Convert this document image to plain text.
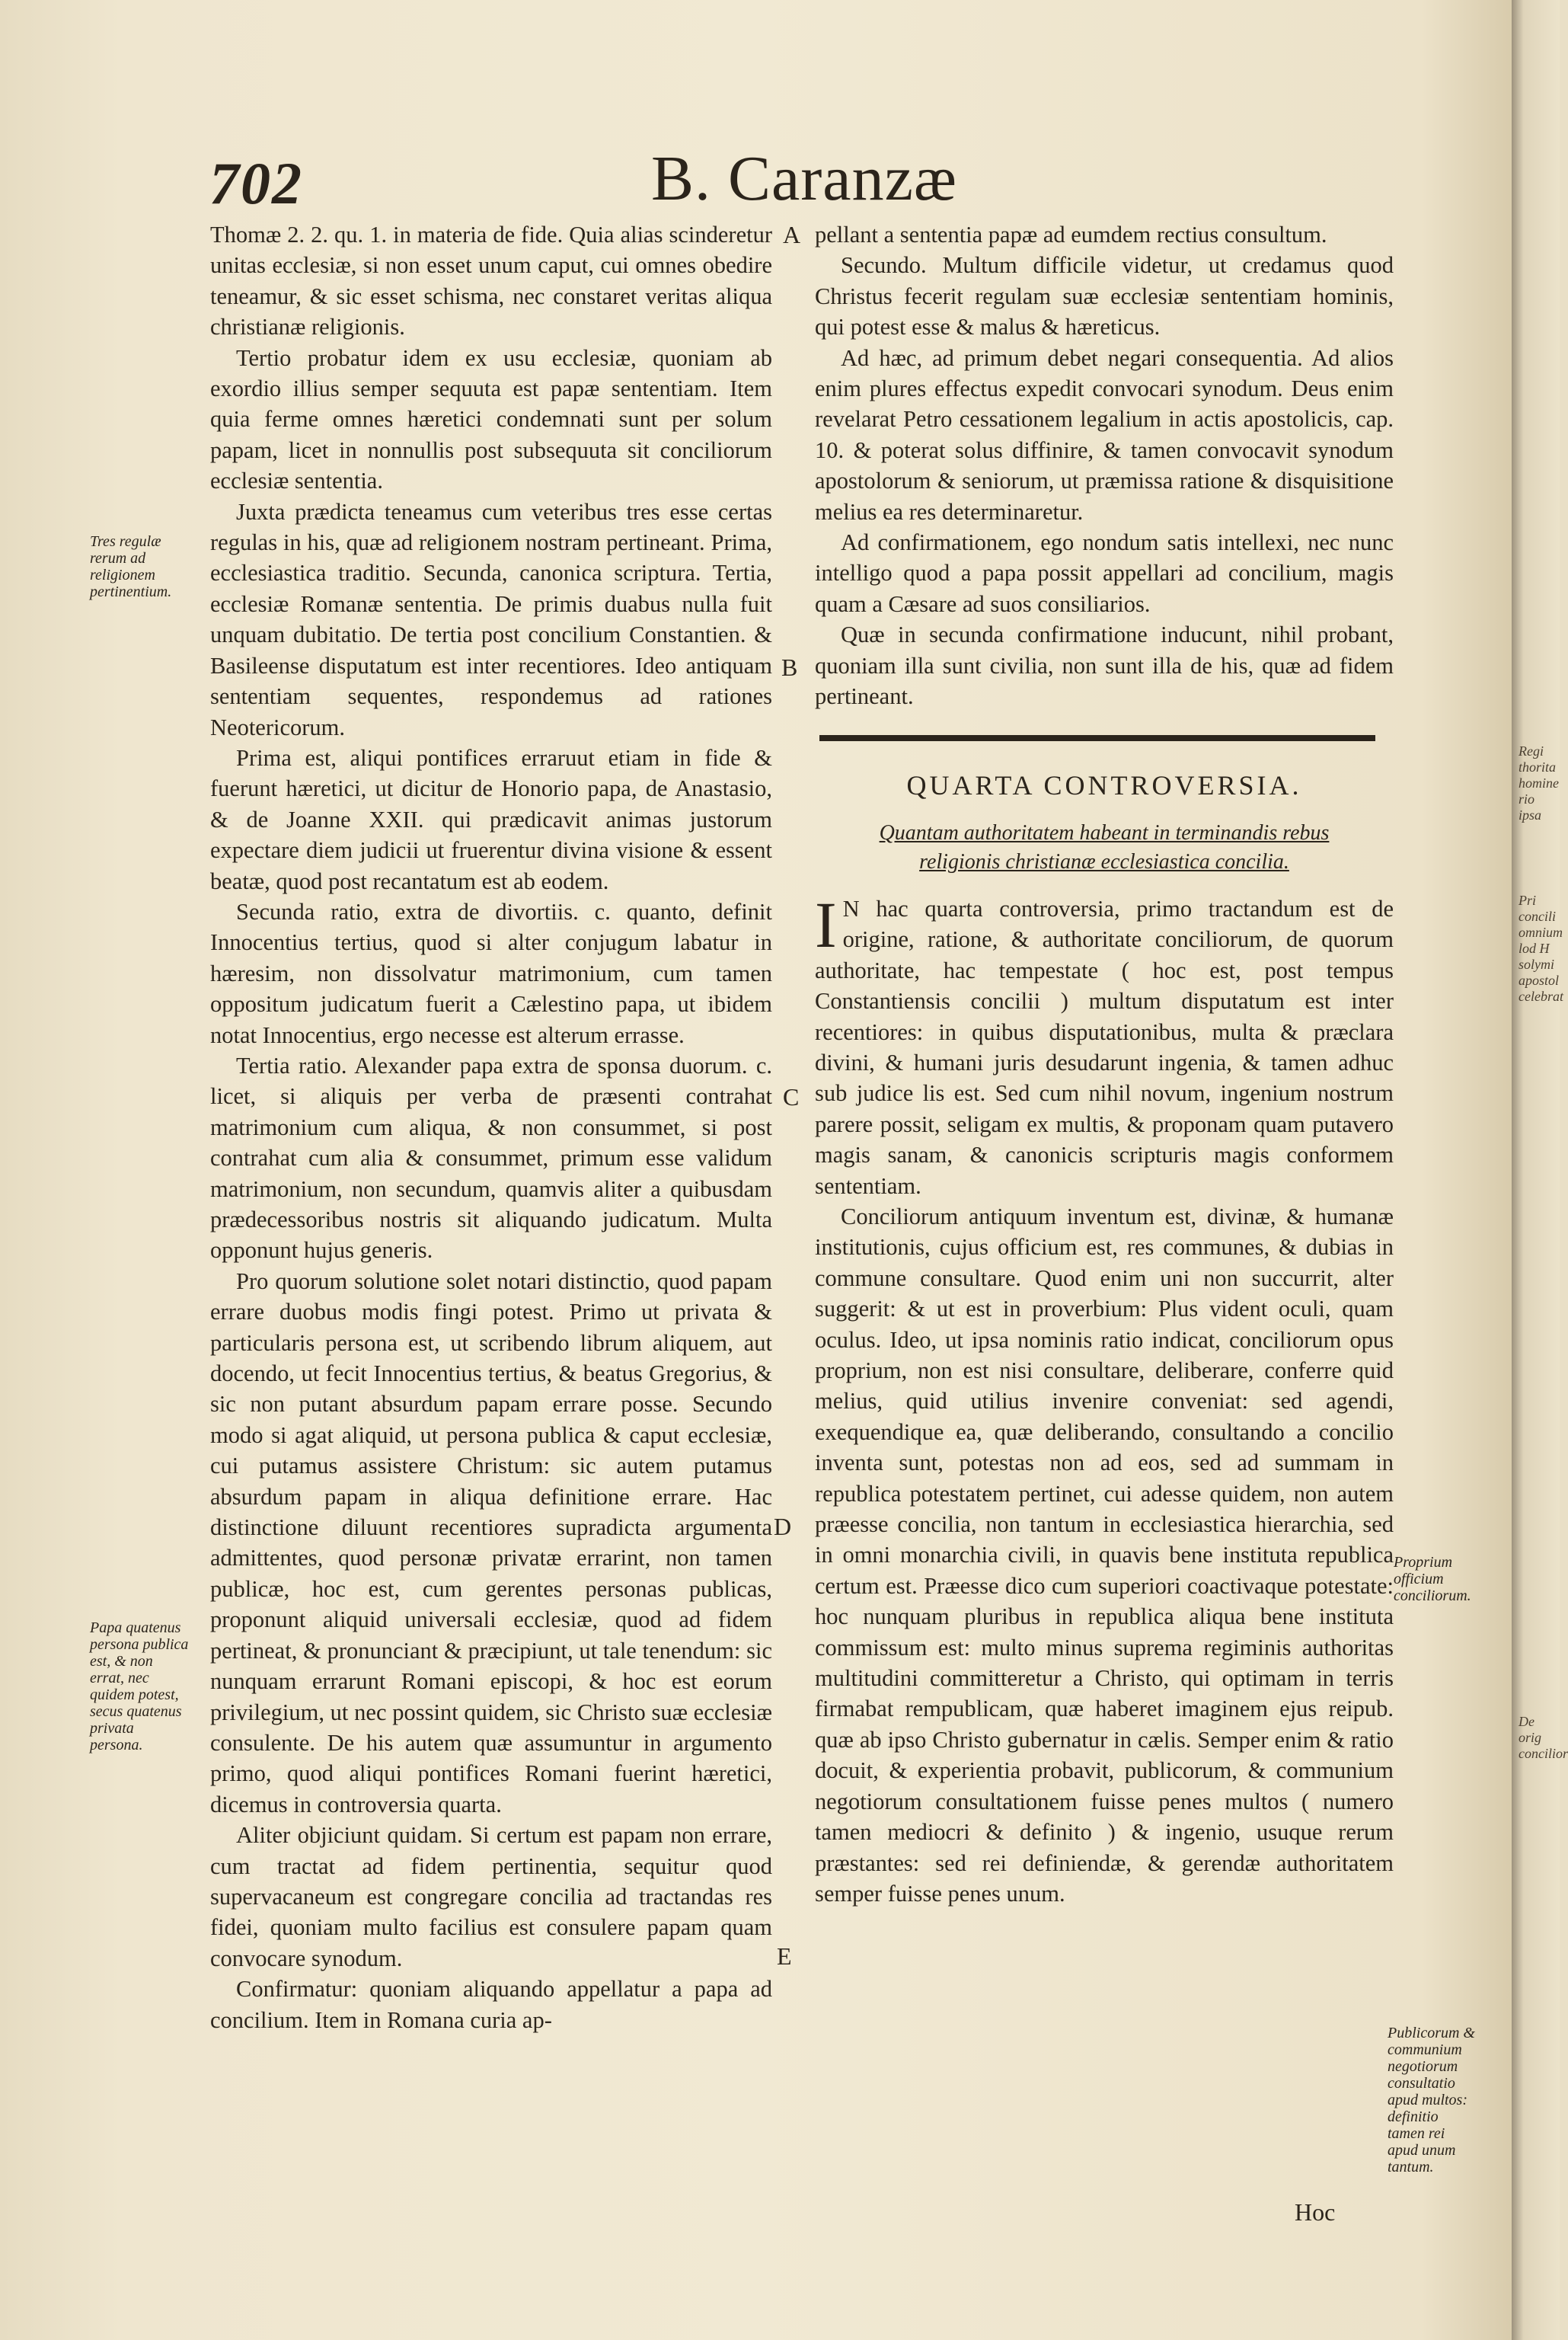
702	B. Caranzæ

Thomæ 2. 2. qu. 1. in materia de fide. Quia alias scinderetur unitas ecclesiæ, si non esset unum caput, cui omnes obedire teneamur, & sic esset schisma, nec constaret veritas aliqua christianæ religionis.

Tertio probatur idem ex usu ecclesiæ, quoniam ab exordio illius semper sequuta est papæ sententiam. Item quia ferme omnes hæretici condemnati sunt per solum papam, licet in nonnullis post subsequuta sit conciliorum ecclesiæ sententia.

Juxta prædicta teneamus cum veteribus tres esse certas regulas in his, quæ ad religionem nostram pertineant. Prima, ecclesiastica traditio. Secunda, canonica scriptura. Tertia, ecclesiæ Romanæ sententia. De primis duabus nulla fuit unquam dubitatio. De tertia post concilium Constantien. & Basileense disputatum est inter recentiores. Ideo antiquam sententiam sequentes, respondemus ad rationes Neotericorum.

Prima est, aliqui pontifices erraruut etiam in fide & fuerunt hæretici, ut dicitur de Honorio papa, de Anastasio, & de Joanne XXII. qui prædicavit animas justorum expectare diem judicii ut fruerentur divina visione & essent beatæ, quod post recantatum est ab eodem.

Secunda ratio, extra de divortiis. c. quanto, definit Innocentius tertius, quod si alter conjugum labatur in hæresim, non dissolvatur matrimonium, cum tamen oppositum judicatum fuerit a Cælestino papa, ut ibidem notat Innocentius, ergo necesse est alterum errasse.

Tertia ratio. Alexander papa extra de sponsa duorum. c. licet, si aliquis per verba de præsenti contrahat matrimonium cum aliqua, & non consummet, si post contrahat cum alia & consummet, primum esse validum matrimonium, non secundum, quamvis aliter a quibusdam prædecessoribus nostris sit aliquando judicatum. Multa opponunt hujus generis.

Pro quorum solutione solet notari distinctio, quod papam errare duobus modis fingi potest. Primo ut privata & particularis persona est, ut scribendo librum aliquem, aut docendo, ut fecit Innocentius tertius, & beatus Gregorius, & sic non putant absurdum papam errare posse. Secundo modo si agat aliquid, ut persona publica & caput ecclesiæ, cui putamus assistere Christum: sic autem putamus absurdum papam in aliqua definitione errare. Hac distinctione diluunt recentiores supradicta argumenta admittentes, quod personæ privatæ errarint, non tamen publicæ, hoc est, cum gerentes personas publicas, proponunt aliquid universali ecclesiæ, quod ad fidem pertineat, & pronunciant & præcipiunt, ut tale tenendum: sic nunquam errarunt Romani episcopi, & hoc est eorum privilegium, ut nec possint quidem, sic Christo suæ ecclesiæ consulente. De his autem quæ assumuntur in argumento primo, quod aliqui pontifices Romani fuerint hæretici, dicemus in controversia quarta.

Aliter objiciunt quidam. Si certum est papam non errare, cum tractat ad fidem pertinentia, sequitur quod supervacaneum est congregare concilia ad tractandas res fidei, quoniam multo facilius est consulere papam quam convocare synodum.

Confirmatur: quoniam aliquando appellatur a papa ad concilium. Item in Romana curia ap-

pellant a sententia papæ ad eumdem rectius consultum.

Secundo. Multum difficile videtur, ut credamus quod Christus fecerit regulam suæ ecclesiæ sententiam hominis, qui potest esse & malus & hæreticus.

Ad hæc, ad primum debet negari consequentia. Ad alios enim plures effectus expedit convocari synodum. Deus enim revelarat Petro cessationem legalium in actis apostolicis, cap. 10. & poterat solus diffinire, & tamen convocavit synodum apostolorum & seniorum, ut præmissa ratione & disquisitione melius ea res determinaretur.

Ad confirmationem, ego nondum satis intellexi, nec nunc intelligo quod a papa possit appellari ad concilium, magis quam a Cæsare ad suos consiliarios.

Quæ in secunda confirmatione inducunt, nihil probant, quoniam illa sunt civilia, non sunt illa de his, quæ ad fidem pertineant.

QUARTA CONTROVERSIA.
Quantam authoritatem habeant in terminandis rebus religionis christianæ ecclesiastica concilia.

IN hac quarta controversia, primo tractandum est de origine, ratione, & authoritate conciliorum, de quorum authoritate, hac tempestate ( hoc est, post tempus Constantiensis concilii ) multum disputatum est inter recentiores: in quibus disputationibus, multa & præclara divini, & humani juris desudarunt ingenia, & tamen adhuc sub judice lis est. Sed cum nihil novum, ingenium nostrum parere possit, seligam ex multis, & proponam quam putavero magis sanam, & canonicis scripturis magis conformem sententiam.

Conciliorum antiquum inventum est, divinæ, & humanæ institutionis, cujus officium est, res communes, & dubias in commune consultare. Quod enim uni non succurrit, alter suggerit: & ut est in proverbium: Plus vident oculi, quam oculus. Ideo, ut ipsa nominis ratio indicat, conciliorum opus proprium, non est nisi consultare, deliberare, conferre quid melius, quid utilius invenire conveniat: sed agendi, exequendique ea, quæ deliberando, consultando a concilio inventa sunt, potestas non ad eos, sed ad summam in republica potestatem pertinet, cui adesse quidem, non autem præesse concilia, non tantum in ecclesiastica hierarchia, sed in omni monarchia civili, in quavis bene instituta republica certum est. Præesse dico cum superiori coactivaque potestate: hoc nunquam pluribus in republica aliqua bene instituta commissum est: multo minus suprema regiminis authoritas multitudini committeretur a Christo, qui optimam in terris firmabat rempublicam, quæ haberet imaginem ejus reipub. quæ ab ipso Christo gubernatur in cælis. Semper enim & ratio docuit, & experientia probavit, publicorum, & communium negotiorum consultationem fuisse penes multos ( numero tamen mediocri & definito ) & ingenio, usuque rerum præstantes: sed rei definiendæ, & gerendæ authoritatem semper fuisse penes unum.

A
B
C
D
E
Tres regulæ rerum ad religionem pertinentium.
Papa quatenus persona publica est, & non errat, nec quidem potest, secus quatenus privata persona.
Proprium officium conciliorum.
Publicorum & communium negotiorum consultatio apud multos: definitio tamen rei apud unum tantum.
Regi thorita homine rio ipsa
Pri concili omnium lod H solymi apostol celebrat
De orig concilior
Hoc
